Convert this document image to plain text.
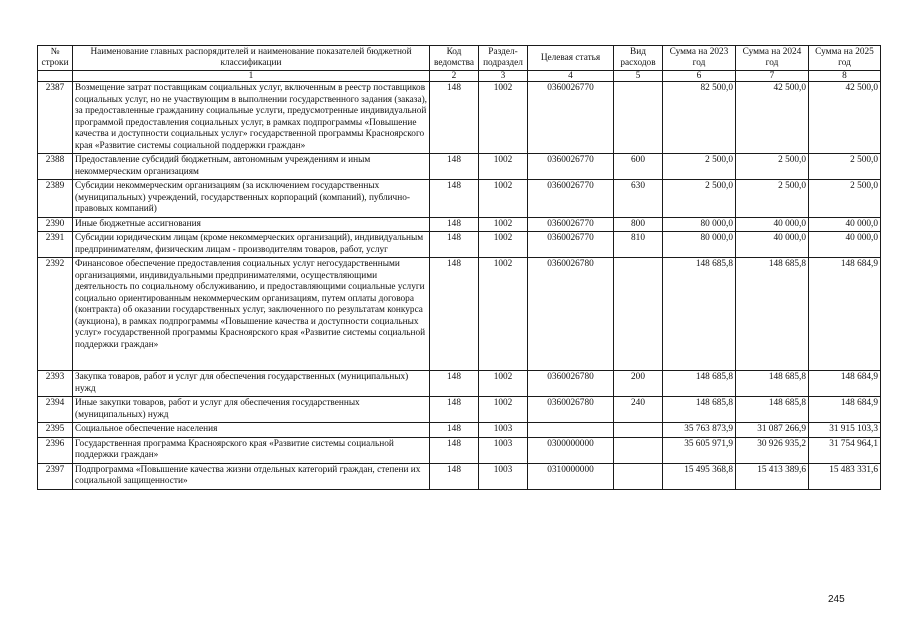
№ строки	Наименование главных распорядителей и наименование показателей бюджетной классификации	Код ведомства	Раздел-подраздел	Целевая статья	Вид расходов	Сумма на 2023 год	Сумма на 2024 год	Сумма на 2025 год
	1	2	3	4	5	6	7	8
2387	Возмещение затрат поставщикам социальных услуг, включенным в реестр поставщиков социальных услуг, но не участвующим в выполнении государственного задания (заказа), за предоставленные гражданину социальные услуги, предусмотренные индивидуальной программой предоставления социальных услуг, в рамках подпрограммы «Повышение качества и доступности социальных услуг» государственной программы Красноярского края «Развитие системы социальной поддержки граждан»	148	1002	0360026770		82 500,0	42 500,0	42 500,0
2388	Предоставление субсидий бюджетным, автономным учреждениям и иным некоммерческим организациям	148	1002	0360026770	600	2 500,0	2 500,0	2 500,0
2389	Субсидии некоммерческим организациям (за исключением государственных (муниципальных) учреждений, государственных корпораций (компаний), публично-правовых компаний)	148	1002	0360026770	630	2 500,0	2 500,0	2 500,0
2390	Иные бюджетные ассигнования	148	1002	0360026770	800	80 000,0	40 000,0	40 000,0
2391	Субсидии юридическим лицам (кроме некоммерческих организаций), индивидуальным предпринимателям, физическим лицам - производителям товаров, работ, услуг	148	1002	0360026770	810	80 000,0	40 000,0	40 000,0
2392	Финансовое обеспечение предоставления социальных услуг негосударственными организациями, индивидуальными предпринимателями, осуществляющими деятельность по социальному обслуживанию, и предоставляющими социальные услуги социально ориентированным некоммерческим организациям, путем оплаты договора (контракта) об оказании государственных услуг, заключенного по результатам конкурса (аукциона), в рамках подпрограммы «Повышение качества и доступности социальных услуг» государственной программы Красноярского края «Развитие системы социальной поддержки граждан»	148	1002	0360026780		148 685,8	148 685,8	148 684,9
2393	Закупка товаров, работ и услуг для обеспечения государственных (муниципальных) нужд	148	1002	0360026780	200	148 685,8	148 685,8	148 684,9
2394	Иные закупки товаров, работ и услуг для обеспечения государственных (муниципальных) нужд	148	1002	0360026780	240	148 685,8	148 685,8	148 684,9
2395	Социальное обеспечение населения	148	1003			35 763 873,9	31 087 266,9	31 915 103,3
2396	Государственная программа Красноярского края «Развитие системы социальной поддержки граждан»	148	1003	0300000000		35 605 971,9	30 926 935,2	31 754 964,1
2397	Подпрограмма «Повышение качества жизни отдельных категорий граждан, степени их социальной защищенности»	148	1003	0310000000		15 495 368,8	15 413 389,6	15 483 331,6
245
